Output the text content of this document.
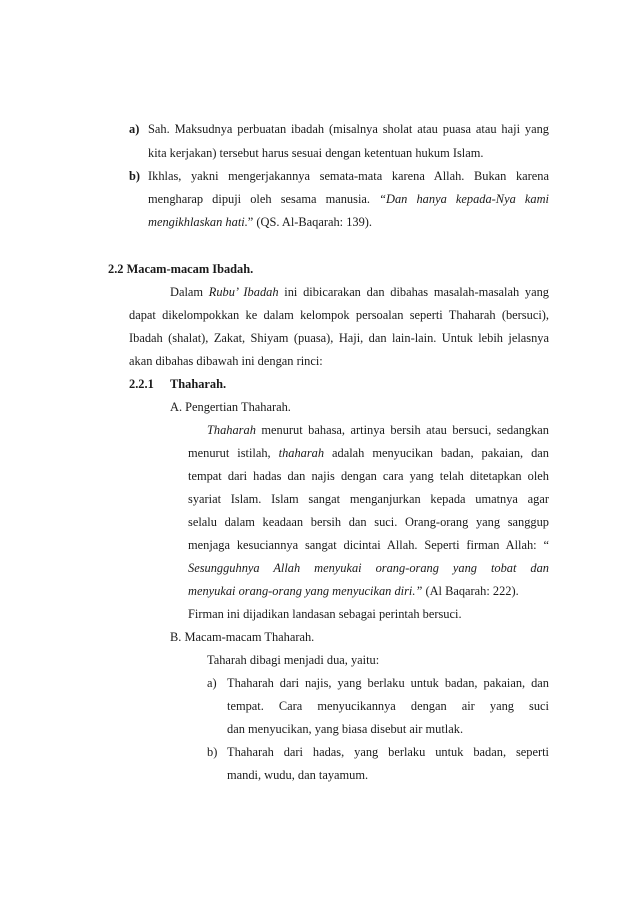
a) Sah. Maksudnya perbuatan ibadah (misalnya sholat atau puasa atau haji yang
kita kerjakan) tersebut harus sesuai dengan ketentuan hukum Islam.
b) Ikhlas, yakni mengerjakannya semata-mata karena Allah. Bukan karena
mengharap dipuji oleh sesama manusia. “Dan hanya kepada-Nya kami
mengikhlaskan hati.” (QS. Al-Baqarah: 139).
2.2 Macam-macam Ibadah.
Dalam Rubu’ Ibadah ini dibicarakan dan dibahas masalah-masalah yang
dapat dikelompokkan ke dalam kelompok persoalan seperti Thaharah (bersuci),
Ibadah (shalat), Zakat, Shiyam (puasa), Haji, dan lain-lain. Untuk lebih jelasnya
akan dibahas dibawah ini dengan rinci:
2.2.1 Thaharah.
A. Pengertian Thaharah.
Thaharah menurut bahasa, artinya bersih atau bersuci, sedangkan
menurut istilah, thaharah adalah menyucikan badan, pakaian, dan
tempat dari hadas dan najis dengan cara yang telah ditetapkan oleh
syariat Islam. Islam sangat menganjurkan kepada umatnya agar
selalu dalam keadaan bersih dan suci. Orang-orang yang sanggup
menjaga kesuciannya sangat dicintai Allah. Seperti firman Allah: “
Sesungguhnya Allah menyukai orang-orang yang tobat dan
menyukai orang-orang yang menyucikan diri.” (Al Baqarah: 222).
Firman ini dijadikan landasan sebagai perintah bersuci.
B. Macam-macam Thaharah.
Taharah dibagi menjadi dua, yaitu:
a) Thaharah dari najis, yang berlaku untuk badan, pakaian, dan
tempat. Cara menyucikannya dengan air yang suci
dan menyucikan, yang biasa disebut air mutlak.
b) Thaharah dari hadas, yang berlaku untuk badan, seperti
mandi, wudu, dan tayamum.
